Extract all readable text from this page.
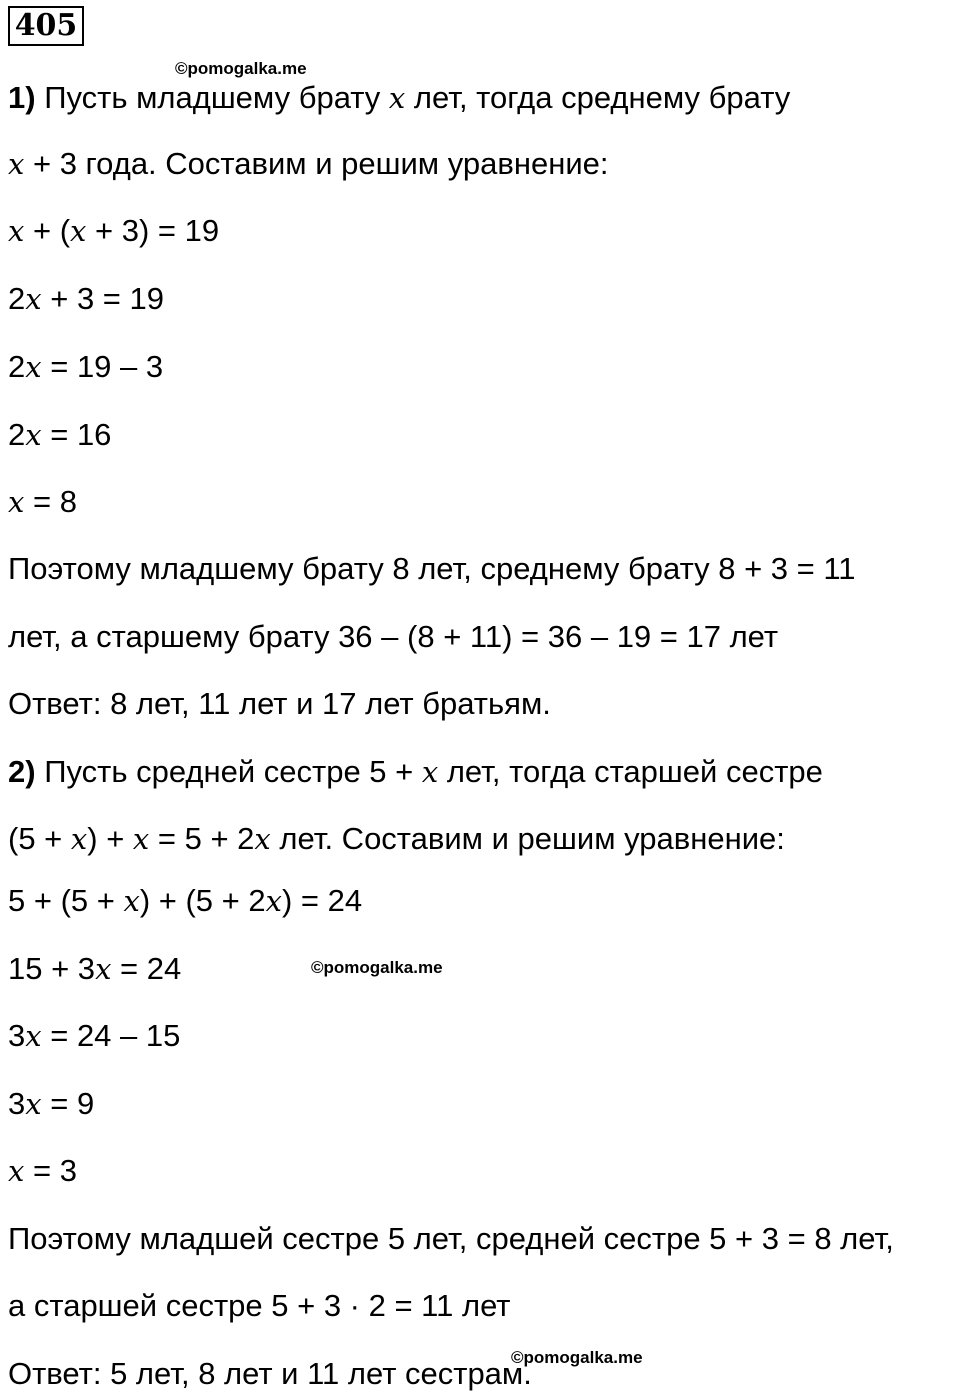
405
©pomogalka.me
1) Пусть младшему брату x лет, тогда среднему брату
x + 3 года. Составим и решим уравнение:
x + (x + 3) = 19
2x + 3 = 19
2x = 19 – 3
2x = 16
x = 8
Поэтому младшему брату 8 лет, среднему брату 8 + 3 = 11
лет, а старшему брату 36 – (8 + 11) = 36 – 19 = 17 лет
Ответ: 8 лет, 11 лет и 17 лет братьям.
2) Пусть средней сестре 5 + x лет, тогда старшей сестре
(5 + x) + x = 5 + 2x лет. Составим и решим уравнение:
5 + (5 + x) + (5 + 2x) = 24
15 + 3x = 24	©pomogalka.me
3x = 24 – 15
3x = 9
x = 3
Поэтому младшей сестре 5 лет, средней сестре 5 + 3 = 8 лет,
а старшей сестре 5 + 3 · 2 = 11 лет
Ответ: 5 лет, 8 лет и 11 лет сестрам.
©pomogalka.me
